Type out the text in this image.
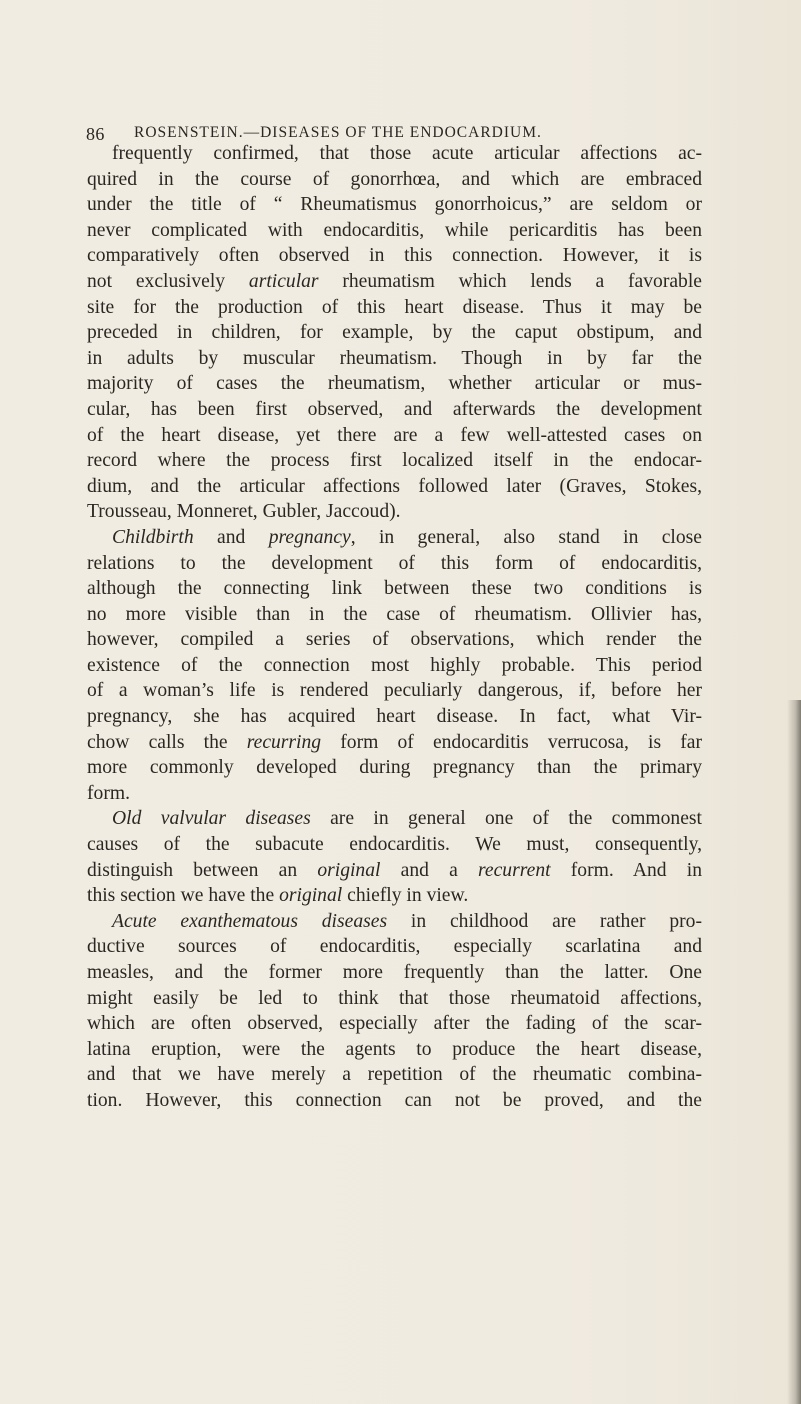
86 ROSENSTEIN.—DISEASES OF THE ENDOCARDIUM.
frequently confirmed, that those acute articular affections ac-
quired in the course of gonorrhœa, and which are embraced
under the title of “ Rheumatismus gonorrhoicus,” are seldom or
never complicated with endocarditis, while pericarditis has been
comparatively often observed in this connection. However, it is
not exclusively articular rheumatism which lends a favorable
site for the production of this heart disease. Thus it may be
preceded in children, for example, by the caput obstipum, and
in adults by muscular rheumatism. Though in by far the
majority of cases the rheumatism, whether articular or mus-
cular, has been first observed, and afterwards the development
of the heart disease, yet there are a few well-attested cases on
record where the process first localized itself in the endocar-
dium, and the articular affections followed later (Graves, Stokes,
Trousseau, Monneret, Gubler, Jaccoud).
Childbirth and pregnancy, in general, also stand in close
relations to the development of this form of endocarditis,
although the connecting link between these two conditions is
no more visible than in the case of rheumatism. Ollivier has,
however, compiled a series of observations, which render the
existence of the connection most highly probable. This period
of a woman’s life is rendered peculiarly dangerous, if, before her
pregnancy, she has acquired heart disease. In fact, what Vir-
chow calls the recurring form of endocarditis verrucosa, is far
more commonly developed during pregnancy than the primary
form.
Old valvular diseases are in general one of the commonest
causes of the subacute endocarditis. We must, consequently,
distinguish between an original and a recurrent form. And in
this section we have the original chiefly in view.
Acute exanthematous diseases in childhood are rather pro-
ductive sources of endocarditis, especially scarlatina and
measles, and the former more frequently than the latter. One
might easily be led to think that those rheumatoid affections,
which are often observed, especially after the fading of the scar-
latina eruption, were the agents to produce the heart disease,
and that we have merely a repetition of the rheumatic combina-
tion. However, this connection can not be proved, and the
